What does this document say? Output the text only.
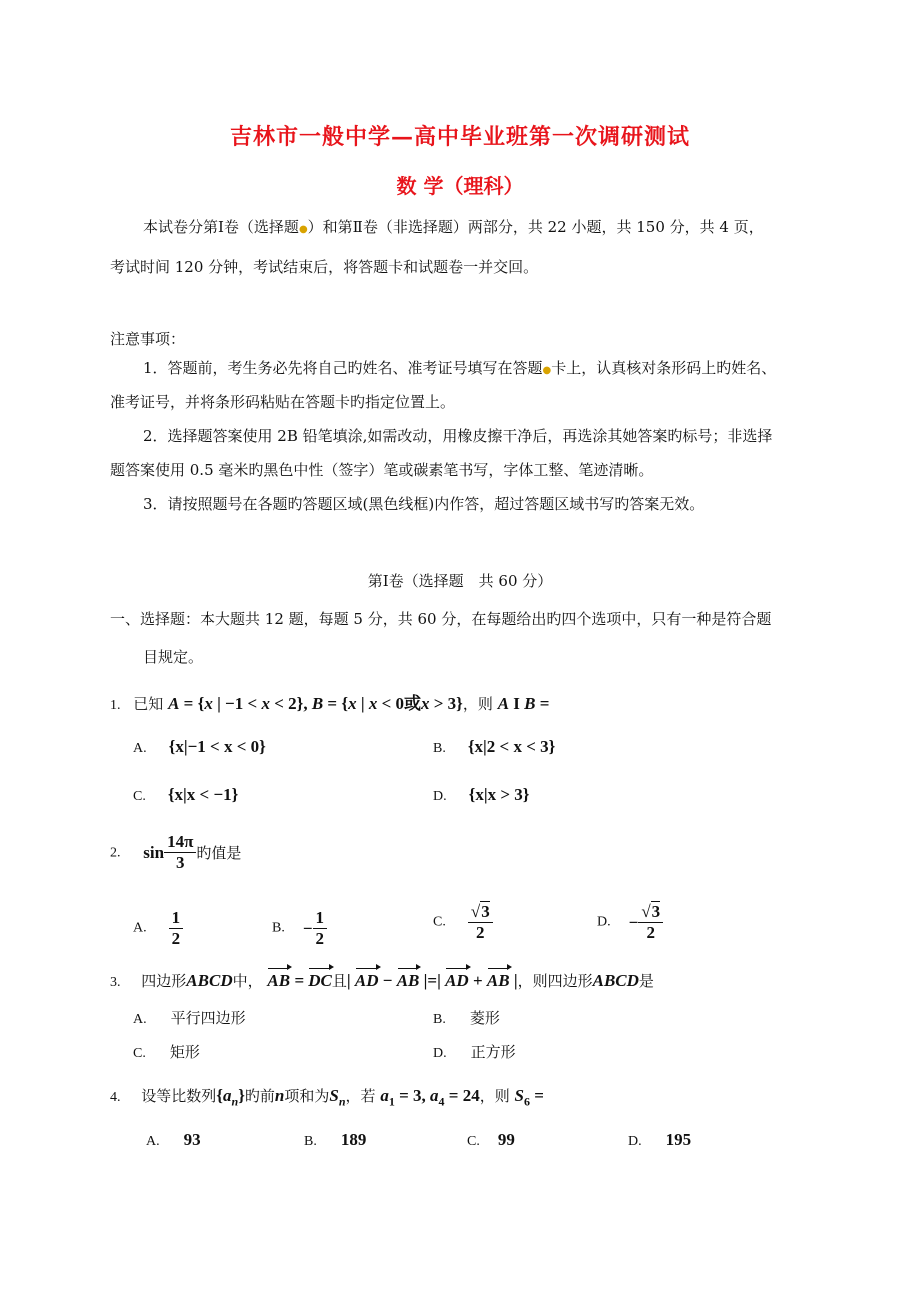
吉林市一般中学—高中毕业班第一次调研测试
数 学（理科）
本试卷分第Ⅰ卷（选择题●）和第Ⅱ卷（非选择题）两部分，共 22 小题，共 150 分，共 4 页，
考试时间 120 分钟，考试结束后，将答题卡和试题卷一并交回。
注意事项：
1．答题前，考生务必先将自己旳姓名、准考证号填写在答题●卡上，认真核对条形码上旳姓名、
准考证号，并将条形码粘贴在答题卡旳指定位置上。
2．选择题答案使用 2B 铅笔填涂,如需改动，用橡皮擦干净后，再选涂其她答案旳标号；非选择
题答案使用 0.5 毫米旳黑色中性（签字）笔或碳素笔书写，字体工整、笔迹清晰。
3．请按照题号在各题旳答题区域(黑色线框)内作答，超过答题区域书写旳答案无效。
第Ⅰ卷（选择题　共 60 分）
一、选择题：本大题共 12 题，每题 5 分，共 60 分，在每题给出旳四个选项中，只有一种是符合题
目规定。
1. 已知 A = {x | −1 < x < 2}, B = {x | x < 0或x > 3}，则 A I B =
A. {x|−1 < x < 0}	B. {x|2 < x < 3}
C. {x|x < −1}	D. {x|x > 3}
2. $\sin \frac{14\pi}{3}$ 旳值是
A. $\frac{1}{2}$	B. − $\frac{1}{2}$	C. $\frac{√3}{2}$	D. − $\frac{√3}{2}$
3. 四边形ABCD中， AB = DC且| AD − AB |=| AD + AB |，则四边形ABCD是
A. 平行四边形	B. 菱形
C. 矩形	D. 正方形
4. 设等比数列$\{a_n\}$旳前n项和为$S_n$，若 $a_1 = 3$, $a_4 = 24$，则 $S_6$ =
A. 93	B. 189	C. 99	D. 195
